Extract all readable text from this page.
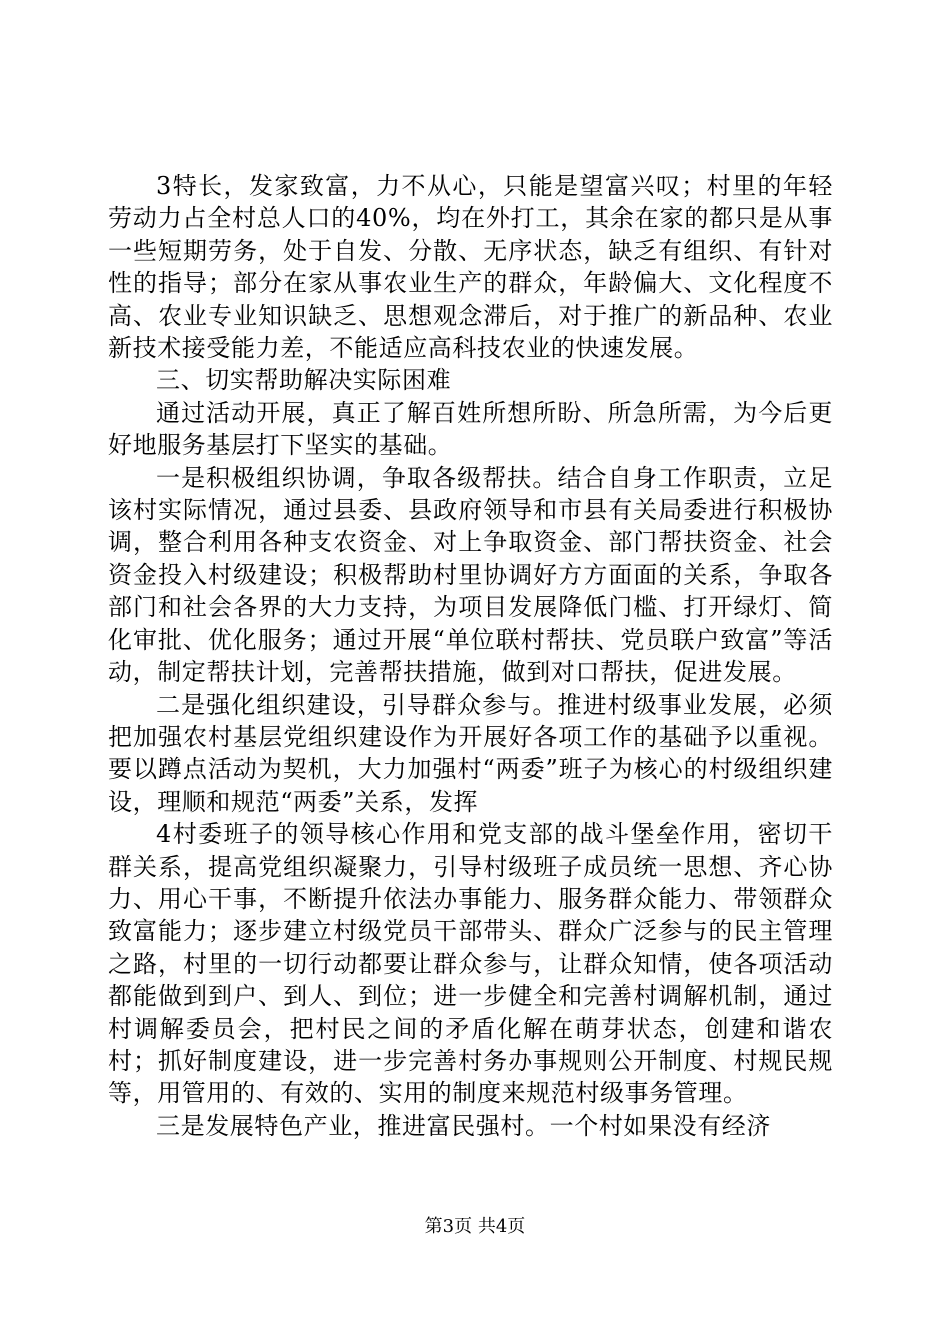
3特长，发家致富，力不从心，只能是望富兴叹；村里的年轻劳动力占全村总人口的40%，均在外打工，其余在家的都只是从事一些短期劳务，处于自发、分散、无序状态，缺乏有组织、有针对性的指导；部分在家从事农业生产的群众，年龄偏大、文化程度不高、农业专业知识缺乏、思想观念滞后，对于推广的新品种、农业新技术接受能力差，不能适应高科技农业的快速发展。

三、切实帮助解决实际困难

通过活动开展，真正了解百姓所想所盼、所急所需，为今后更好地服务基层打下坚实的基础。

一是积极组织协调，争取各级帮扶。结合自身工作职责，立足该村实际情况，通过县委、县政府领导和市县有关局委进行积极协调，整合利用各种支农资金、对上争取资金、部门帮扶资金、社会资金投入村级建设；积极帮助村里协调好方方面面的关系，争取各部门和社会各界的大力支持，为项目发展降低门槛、打开绿灯、简化审批、优化服务；通过开展“单位联村帮扶、党员联户致富”等活动，制定帮扶计划，完善帮扶措施，做到对口帮扶，促进发展。

二是强化组织建设，引导群众参与。推进村级事业发展，必须把加强农村基层党组织建设作为开展好各项工作的基础予以重视。要以蹲点活动为契机，大力加强村“两委”班子为核心的村级组织建设，理顺和规范“两委”关系，发挥

4村委班子的领导核心作用和党支部的战斗堡垒作用，密切干群关系，提高党组织凝聚力，引导村级班子成员统一思想、齐心协力、用心干事，不断提升依法办事能力、服务群众能力、带领群众致富能力；逐步建立村级党员干部带头、群众广泛参与的民主管理之路，村里的一切行动都要让群众参与，让群众知情，使各项活动都能做到到户、到人、到位；进一步健全和完善村调解机制，通过村调解委员会，把村民之间的矛盾化解在萌芽状态，创建和谐农村；抓好制度建设，进一步完善村务办事规则公开制度、村规民规等，用管用的、有效的、实用的制度来规范村级事务管理。

三是发展特色产业，推进富民强村。一个村如果没有经济

第3页 共4页
